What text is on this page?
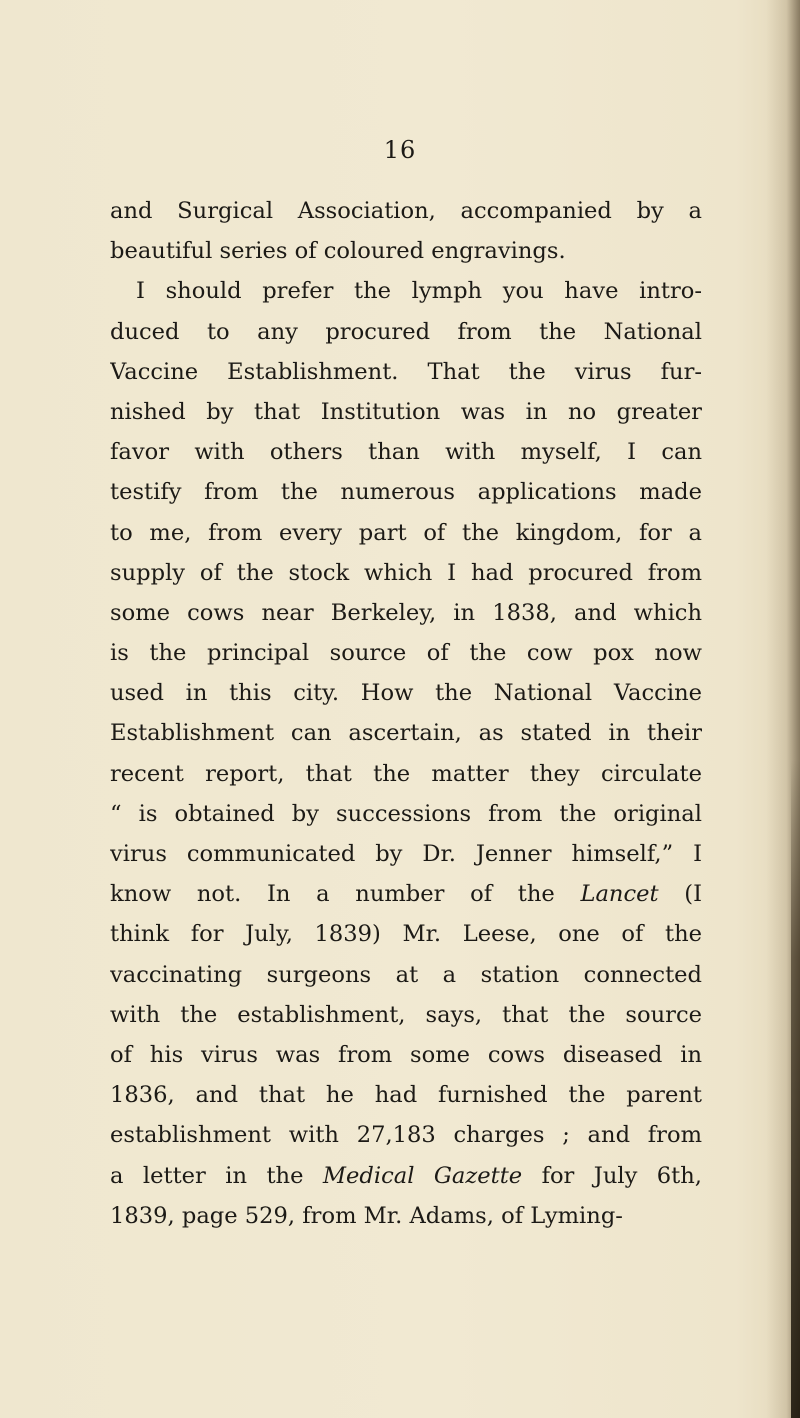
16
and Surgical Association, accompanied by a
beautiful series of coloured engravings.
I should prefer the lymph you have intro-
duced to any procured from the National
Vaccine Establishment. That the virus fur-
nished by that Institution was in no greater
favor with others than with myself, I can
testify from the numerous applications made
to me, from every part of the kingdom, for a
supply of the stock which I had procured from
some cows near Berkeley, in 1838, and which
is the principal source of the cow pox now
used in this city. How the National Vaccine
Establishment can ascertain, as stated in their
recent report, that the matter they circulate
“ is obtained by successions from the original
virus communicated by Dr. Jenner himself,” I
know not. In a number of the Lancet (I
think for July, 1839) Mr. Leese, one of the
vaccinating surgeons at a station connected
with the establishment, says, that the source
of his virus was from some cows diseased in
1836, and that he had furnished the parent
establishment with 27,183 charges ; and from
a letter in the Medical Gazette for July 6th,
1839, page 529, from Mr. Adams, of Lyming-
